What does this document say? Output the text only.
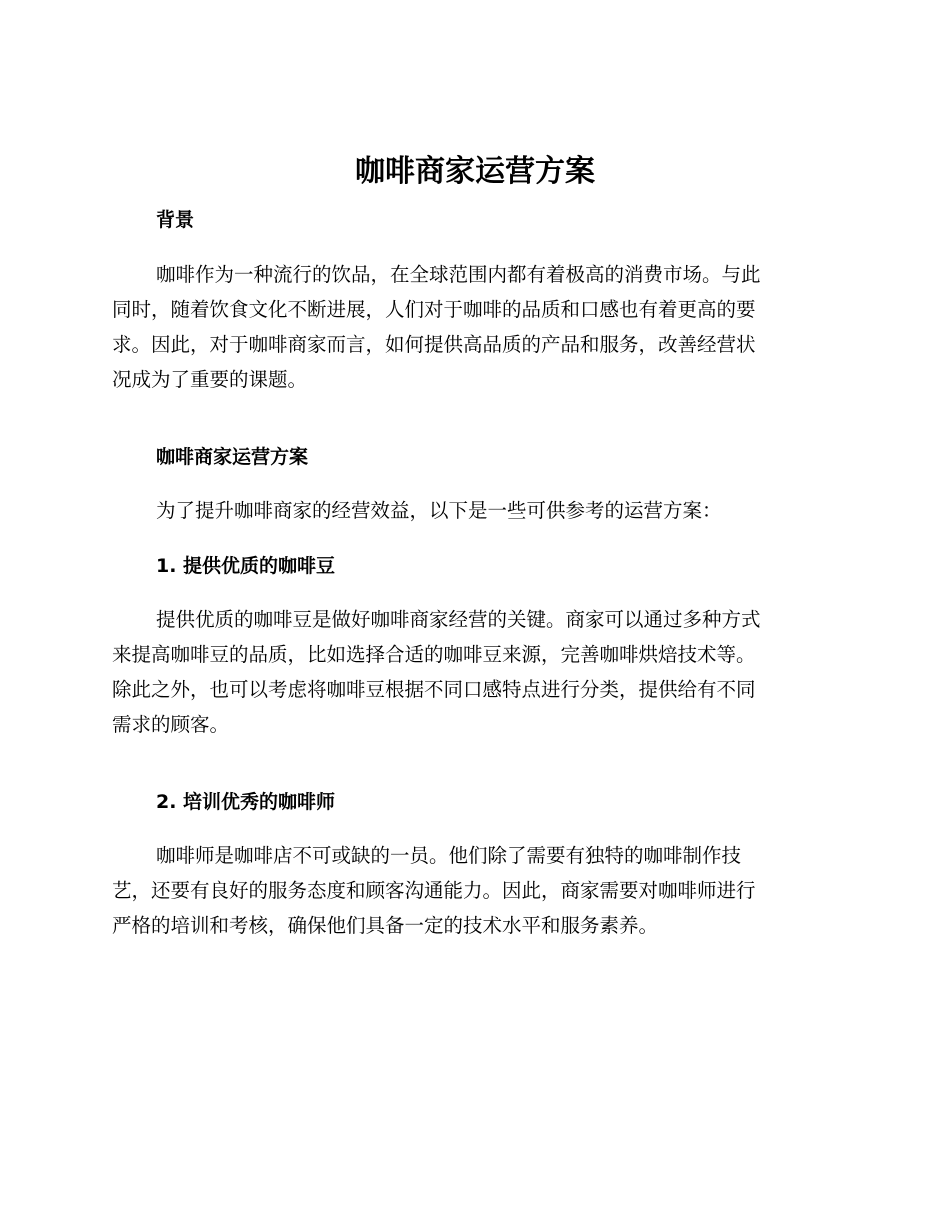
咖啡商家运营方案
背景

咖啡作为一种流行的饮品，在全球范围内都有着极高的消费市场。与此
同时，随着饮食文化不断进展，人们对于咖啡的品质和口感也有着更高的要
求。因此，对于咖啡商家而言，如何提供高品质的产品和服务，改善经营状
况成为了重要的课题。

咖啡商家运营方案

为了提升咖啡商家的经营效益，以下是一些可供参考的运营方案：

1. 提供优质的咖啡豆

提供优质的咖啡豆是做好咖啡商家经营的关键。商家可以通过多种方式
来提高咖啡豆的品质，比如选择合适的咖啡豆来源，完善咖啡烘焙技术等。
除此之外，也可以考虑将咖啡豆根据不同口感特点进行分类，提供给有不同
需求的顾客。

2. 培训优秀的咖啡师

咖啡师是咖啡店不可或缺的一员。他们除了需要有独特的咖啡制作技
艺，还要有良好的服务态度和顾客沟通能力。因此，商家需要对咖啡师进行
严格的培训和考核，确保他们具备一定的技术水平和服务素养。
